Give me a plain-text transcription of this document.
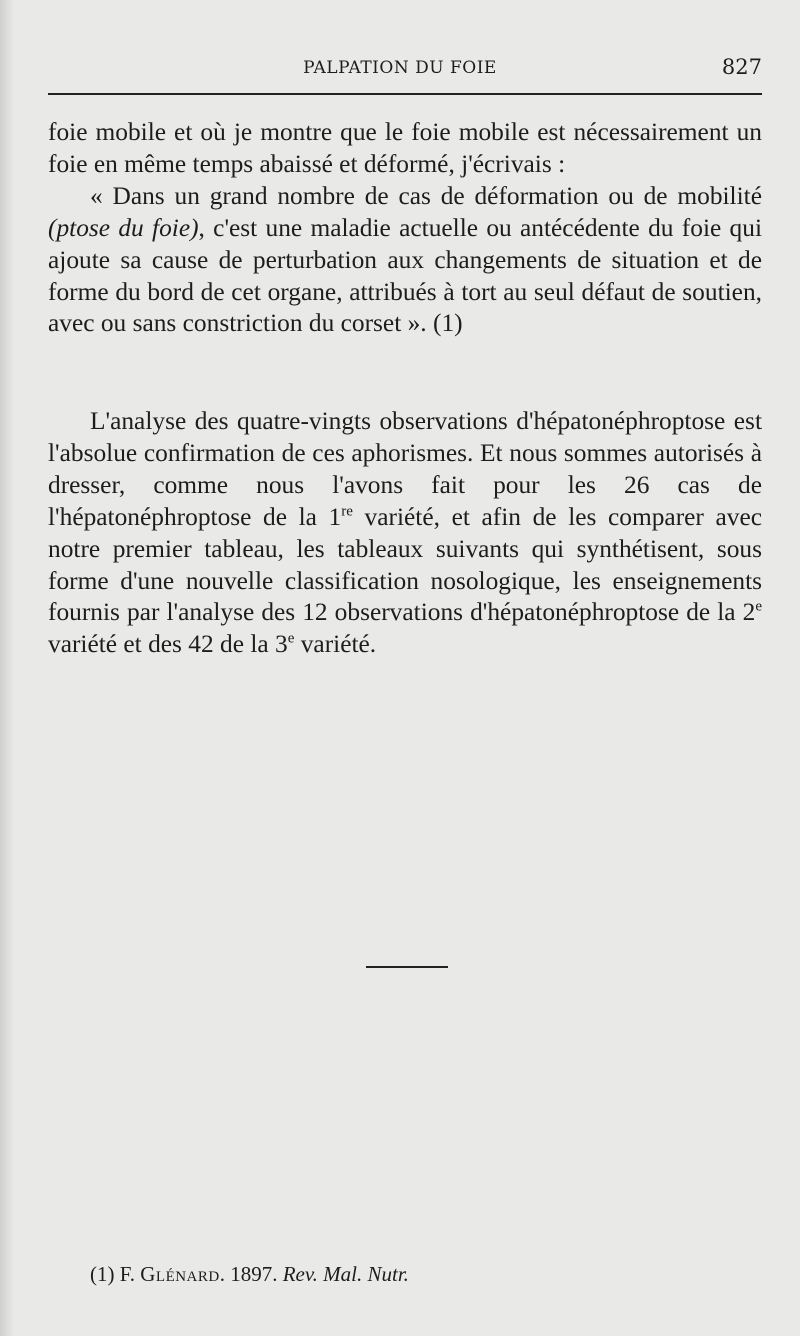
PALPATION DU FOIE	827

foie mobile et où je montre que le foie mobile est nécessairement un foie en même temps abaissé et déformé, j'écrivais :

« Dans un grand nombre de cas de déformation ou de mobilité (ptose du foie), c'est une maladie actuelle ou antécédente du foie qui ajoute sa cause de perturbation aux changements de situation et de forme du bord de cet organe, attribués à tort au seul défaut de soutien, avec ou sans constriction du corset ». (1)

L'analyse des quatre-vingts observations d'hépatonéphroptose est l'absolue confirmation de ces aphorismes. Et nous sommes autorisés à dresser, comme nous l'avons fait pour les 26 cas de l'hépatonéphroptose de la 1re variété, et afin de les comparer avec notre premier tableau, les tableaux suivants qui synthétisent, sous forme d'une nouvelle classification nosologique, les enseignements fournis par l'analyse des 12 observations d'hépatonéphroptose de la 2e variété et des 42 de la 3e variété.

(1) F. Glénard. 1897. Rev. Mal. Nutr.
